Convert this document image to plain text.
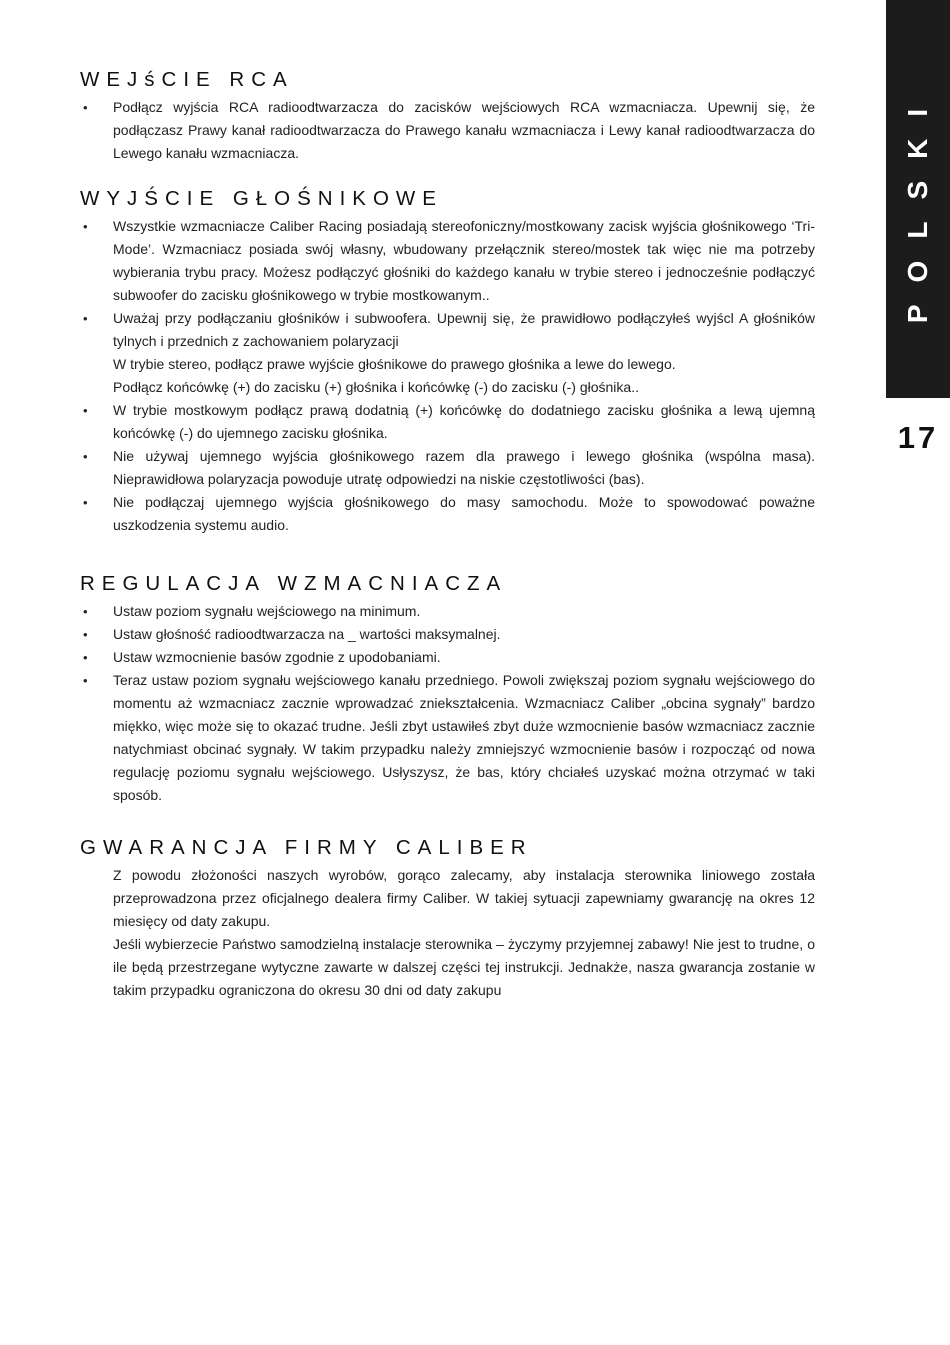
POLSKI
17
WEJśCIE RCA
• Podłącz wyjścia RCA radioodtwarzacza do zacisków wejściowych RCA wzmacniacza. Upewnij się, że podłączasz Prawy kanał radioodtwarzacza do Prawego kanału wzmacniacza i Lewy kanał radioodtwarzacza do Lewego kanału wzmacniacza.
WYJŚCIE GŁOŚNIKOWE
• Wszystkie wzmacniacze Caliber Racing posiadają stereofoniczny/mostkowany zacisk wyjścia głośnikowego ‘Tri-Mode’. Wzmacniacz posiada swój własny, wbudowany przełącznik stereo/mostek tak więc nie ma potrzeby wybierania trybu pracy. Możesz podłączyć głośniki do każdego kanału w trybie stereo i jednocześnie podłączyć subwoofer do zacisku głośnikowego w trybie mostkowanym..
• Uważaj przy podłączaniu głośników i subwoofera. Upewnij się, że prawidłowo podłączyłeś wyjścl A głośników tylnych i przednich z zachowaniem polaryzacji

W trybie stereo, podłącz prawe wyjście głośnikowe do prawego głośnika a lewe do lewego.

Podłącz końcówkę (+) do zacisku (+) głośnika i końcówkę (-) do zacisku (-) głośnika..

• W trybie mostkowym podłącz prawą dodatnią (+) końcówkę do dodatniego zacisku głośnika a lewą ujemną końcówkę (-) do ujemnego zacisku głośnika.
• Nie używaj ujemnego wyjścia głośnikowego razem dla prawego i lewego głośnika (wspólna masa). Nieprawidłowa polaryzacja powoduje utratę odpowiedzi na niskie częstotliwości (bas).
• Nie podłączaj ujemnego wyjścia głośnikowego do masy samochodu. Może to spowodować poważne uszkodzenia systemu audio.
REGULACJA WZMACNIACZA
• Ustaw poziom sygnału wejściowego na minimum.
• Ustaw głośność radioodtwarzacza na _ wartości maksymalnej.
• Ustaw wzmocnienie basów zgodnie z upodobaniami.
• Teraz ustaw poziom sygnału wejściowego kanału przedniego. Powoli zwiększaj poziom sygnału wejściowego do momentu aż wzmacniacz zacznie wprowadzać zniekształcenia. Wzmacniacz Caliber „obcina sygnały” bardzo miękko, więc może się to okazać trudne. Jeśli zbyt ustawiłeś zbyt duże wzmocnienie basów wzmacniacz zacznie natychmiast obcinać sygnały. W takim przypadku należy zmniejszyć wzmocnienie basów i rozpocząć od nowa regulację poziomu sygnału wejściowego. Usłyszysz, że bas, który chciałeś uzyskać można otrzymać w taki sposób.
GWARANCJA FIRMY CALIBER

Z powodu złożoności naszych wyrobów, gorąco zalecamy, aby instalacja sterownika liniowego została przeprowadzona przez oficjalnego dealera firmy Caliber. W takiej sytuacji zapewniamy gwarancję na okres 12 miesięcy od daty zakupu.

Jeśli wybierzecie Państwo samodzielną instalacje sterownika – życzymy przyjemnej zabawy! Nie jest to trudne, o ile będą przestrzegane wytyczne zawarte w dalszej części tej instrukcji. Jednakże, nasza gwarancja zostanie w takim przypadku ograniczona do okresu 30 dni od daty zakupu
